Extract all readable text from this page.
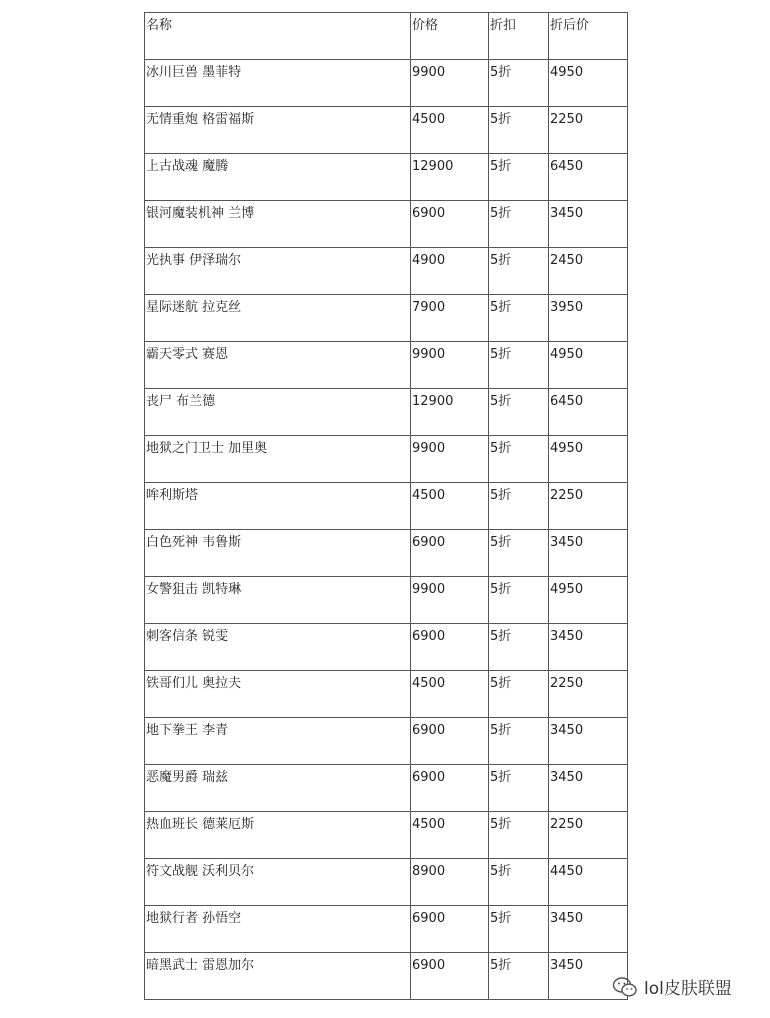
名称	价格	折扣	折后价
冰川巨兽 墨菲特	9900	5折	4950
无情重炮 格雷福斯	4500	5折	2250
上古战魂 魔腾	12900	5折	6450
银河魔装机神 兰博	6900	5折	3450
光执事 伊泽瑞尔	4900	5折	2450
星际迷航 拉克丝	7900	5折	3950
霸天零式 赛恩	9900	5折	4950
丧尸 布兰德	12900	5折	6450
地狱之门卫士 加里奥	9900	5折	4950
哞利斯塔	4500	5折	2250
白色死神 韦鲁斯	6900	5折	3450
女警狙击 凯特琳	9900	5折	4950
刺客信条 锐雯	6900	5折	3450
铁哥们儿 奥拉夫	4500	5折	2250
地下拳王 李青	6900	5折	3450
恶魔男爵 瑞兹	6900	5折	3450
热血班长 德莱厄斯	4500	5折	2250
符文战舰 沃利贝尔	8900	5折	4450
地狱行者 孙悟空	6900	5折	3450
暗黑武士 雷恩加尔	6900	5折	3450
lol皮肤联盟
